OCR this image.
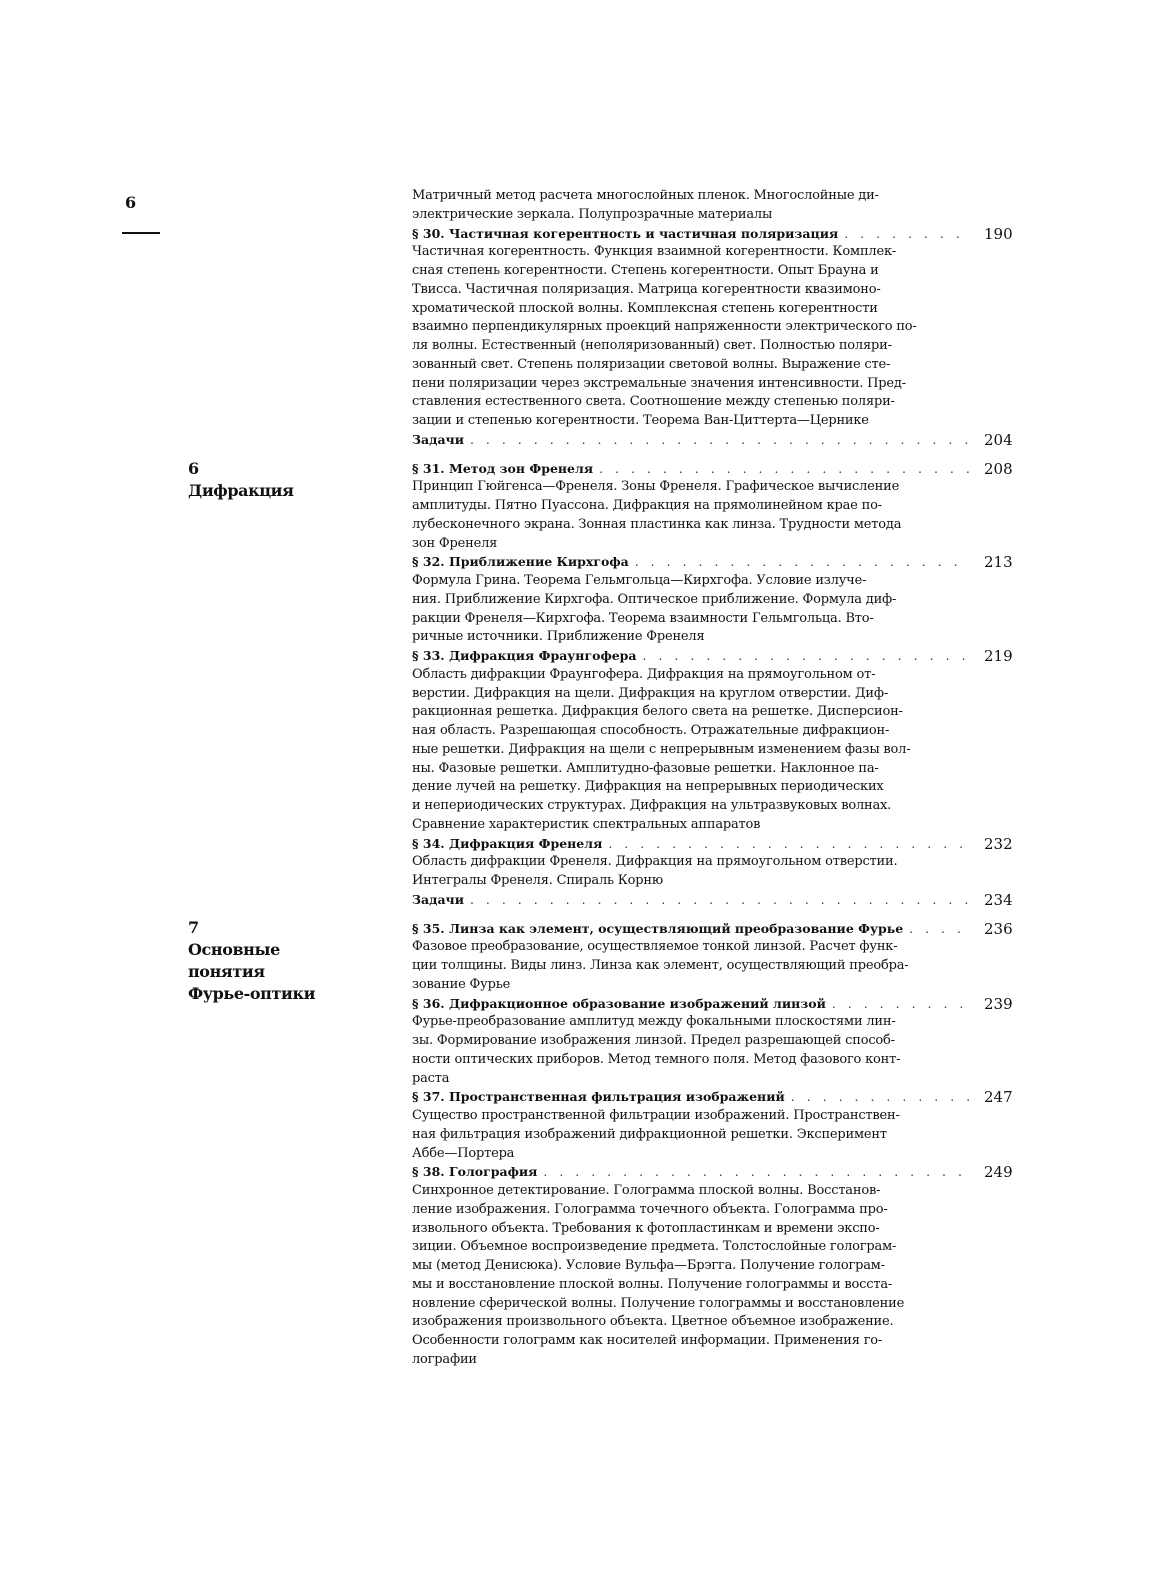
6
6
Дифракция
7
Основные
понятия
Фурье-оптики
Матричный метод расчета многослойных пленок. Многослойные ди-
электрические зеркала. Полупрозрачные материалы
§ 30. Частичная когерентность и частичная поляризация . . .	190
Частичная когерентность. Функция взаимной когерентности. Комплек-
сная степень когерентности. Степень когерентности. Опыт Брауна и
Твисса. Частичная поляризация. Матрица когерентности квазимоно-
хроматической плоской волны. Комплексная степень когерентности
взаимно перпендикулярных проекций напряженности электрического по-
ля волны. Естественный (неполяризованный) свет. Полностью поляри-
зованный свет. Степень поляризации световой волны. Выражение сте-
пени поляризации через экстремальные значения интенсивности. Пред-
ставления естественного света. Соотношение между степенью поляри-
зации и степенью когерентности. Теорема Ван-Циттерта—Цернике
Задачи . . .	204
§ 31. Метод зон Френеля . . .	208
Принцип Гюйгенса—Френеля. Зоны Френеля. Графическое вычисление
амплитуды. Пятно Пуассона. Дифракция на прямолинейном крае по-
лубесконечного экрана. Зонная пластинка как линза. Трудности метода
зон Френеля
§ 32. Приближение Кирхгофа . . .	213
Формула Грина. Теорема Гельмгольца—Кирхгофа. Условие излуче-
ния. Приближение Кирхгофа. Оптическое приближение. Формула диф-
ракции Френеля—Кирхгофа. Теорема взаимности Гельмгольца. Вто-
ричные источники. Приближение Френеля
§ 33. Дифракция Фраунгофера . . .	219
Область дифракции Фраунгофера. Дифракция на прямоугольном от-
верстии. Дифракция на щели. Дифракция на круглом отверстии. Диф-
ракционная решетка. Дифракция белого света на решетке. Дисперсион-
ная область. Разрешающая способность. Отражательные дифракцион-
ные решетки. Дифракция на щели с непрерывным изменением фазы вол-
ны. Фазовые решетки. Амплитудно-фазовые решетки. Наклонное па-
дение лучей на решетку. Дифракция на непрерывных периодических
и непериодических структурах. Дифракция на ультразвуковых волнах.
Сравнение характеристик спектральных аппаратов
§ 34. Дифракция Френеля . . .	232
Область дифракции Френеля. Дифракция на прямоугольном отверстии.
Интегралы Френеля. Спираль Корню
Задачи . . .	234
§ 35. Линза как элемент, осуществляющий преобразование Фурье . . .	236
Фазовое преобразование, осуществляемое тонкой линзой. Расчет функ-
ции толщины. Виды линз. Линза как элемент, осуществляющий преобра-
зование Фурье
§ 36. Дифракционное образование изображений линзой . . .	239
Фурье-преобразование амплитуд между фокальными плоскостями лин-
зы. Формирование изображения линзой. Предел разрешающей способ-
ности оптических приборов. Метод темного поля. Метод фазового конт-
раста
§ 37. Пространственная фильтрация изображений . . .	247
Существо пространственной фильтрации изображений. Пространствен-
ная фильтрация изображений дифракционной решетки. Эксперимент
Аббе—Портера
§ 38. Голография . . .	249
Синхронное детектирование. Голограмма плоской волны. Восстанов-
ление изображения. Голограмма точечного объекта. Голограмма про-
извольного объекта. Требования к фотопластинкам и времени экспо-
зиции. Объемное воспроизведение предмета. Толстослойные голограм-
мы (метод Денисюка). Условие Вульфа—Брэгга. Получение голограм-
мы и восстановление плоской волны. Получение голограммы и восста-
новление сферической волны. Получение голограммы и восстановление
изображения произвольного объекта. Цветное объемное изображение.
Особенности голограмм как носителей информации. Применения го-
лографии
